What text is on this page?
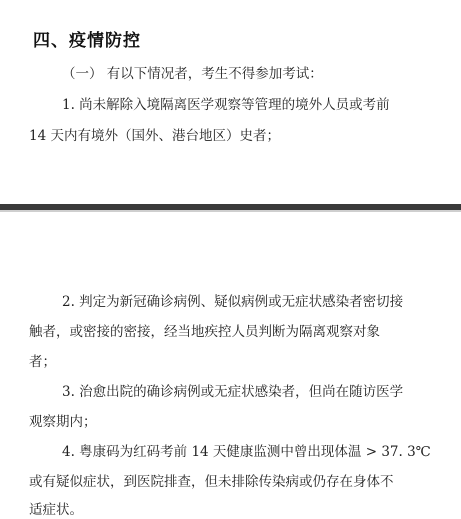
四、疫情防控
（一） 有以下情况者，考生不得参加考试：
1. 尚未解除入境隔离医学观察等管理的境外人员或考前
14 天内有境外（国外、港台地区）史者；
2. 判定为新冠确诊病例、疑似病例或无症状感染者密切接
触者，或密接的密接，经当地疾控人员判断为隔离观察对象
者；
3. 治愈出院的确诊病例或无症状感染者，但尚在随访医学
观察期内；
4. 粤康码为红码考前 14 天健康监测中曾出现体温 > 37. 3℃
或有疑似症状，到医院排查，但未排除传染病或仍存在身体不
适症状。
